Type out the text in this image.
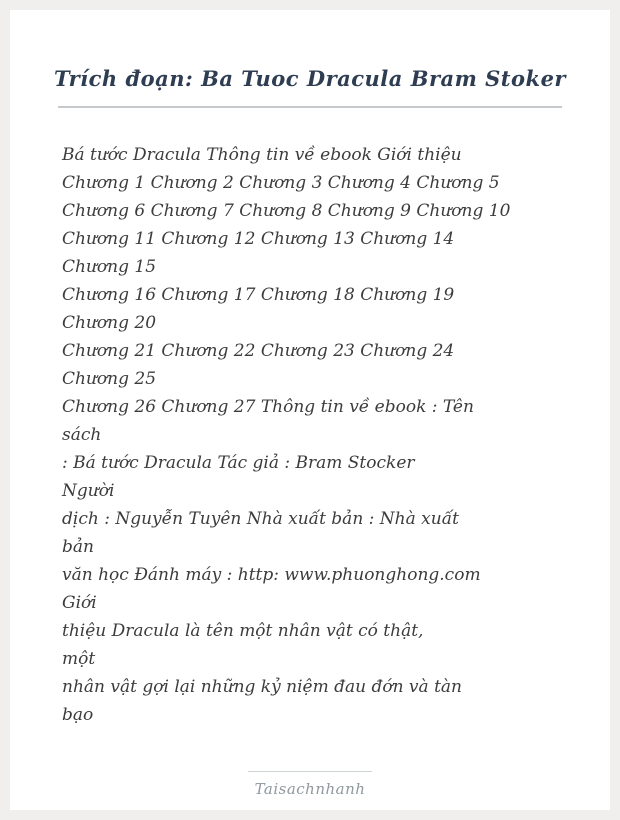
Trích đoạn: Ba Tuoc Dracula Bram Stoker
Bá tước Dracula Thông tin về ebook Giới thiệu
Chương 1 Chương 2 Chương 3 Chương 4 Chương 5
Chương 6 Chương 7 Chương 8 Chương 9 Chương 10
Chương 11 Chương 12 Chương 13 Chương 14
Chương 15
Chương 16 Chương 17 Chương 18 Chương 19
Chương 20
Chương 21 Chương 22 Chương 23 Chương 24
Chương 25
Chương 26 Chương 27 Thông tin về ebook : Tên
sách
: Bá tước Dracula Tác giả : Bram Stocker
Người
dịch : Nguyễn Tuyên Nhà xuất bản : Nhà xuất
bản
văn học Đánh máy : http: www.phuonghong.com
Giới
thiệu Dracula là tên một nhân vật có thật,
một
nhân vật gợi lại những kỷ niệm đau đớn và tàn
bạo
Taisachnhanh
